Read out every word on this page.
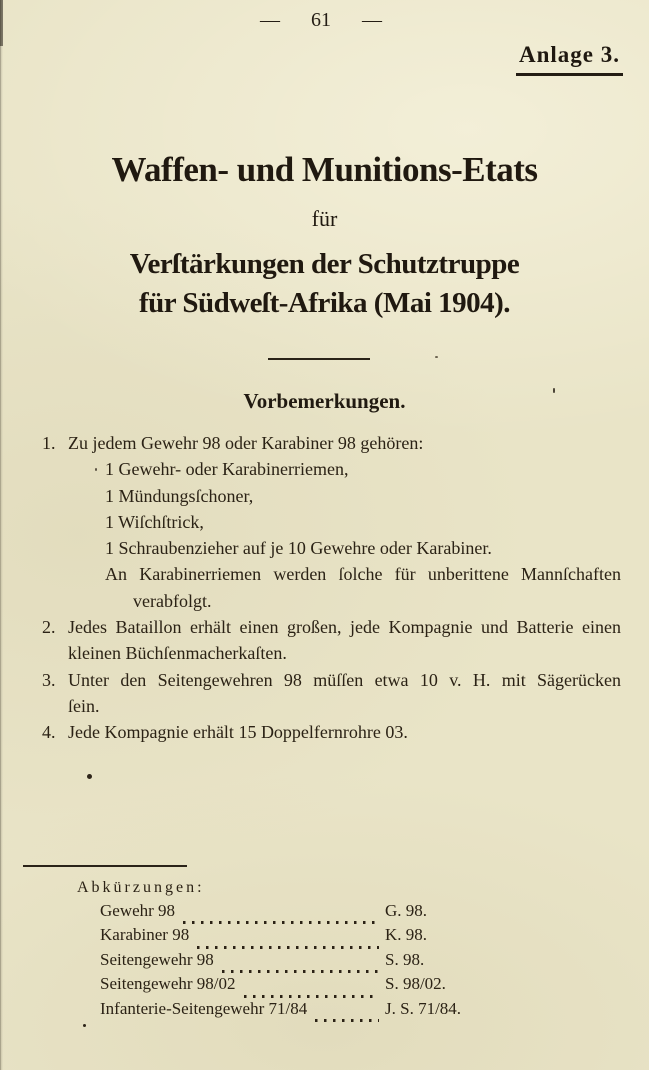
— 61 —
Anlage 3.
Waffen- und Munitions-Etats
für
Verſtärkungen der Schutztruppe
für Südweſt-Afrika (Mai 1904).
Vorbemerkungen.
1. Zu jedem Gewehr 98 oder Karabiner 98 gehören:
1 Gewehr- oder Karabinerriemen,
1 Mündungsſchoner,
1 Wiſchſtrick,
1 Schraubenzieher auf je 10 Gewehre oder Karabiner.
An Karabinerriemen werden ſolche für unberittene Mannſchaften
verabfolgt.
2. Jedes Bataillon erhält einen großen, jede Kompagnie und Batterie einen
kleinen Büchſenmacherkaſten.
3. Unter den Seitengewehren 98 müſſen etwa 10 v. H. mit Sägerücken
ſein.
4. Jede Kompagnie erhält 15 Doppelfernrohre 03.
Abkürzungen:
Gewehr 98	G. 98.
Karabiner 98	K. 98.
Seitengewehr 98	S. 98.
Seitengewehr 98/02	S. 98/02.
Infanterie-Seitengewehr 71/84	J. S. 71/84.
